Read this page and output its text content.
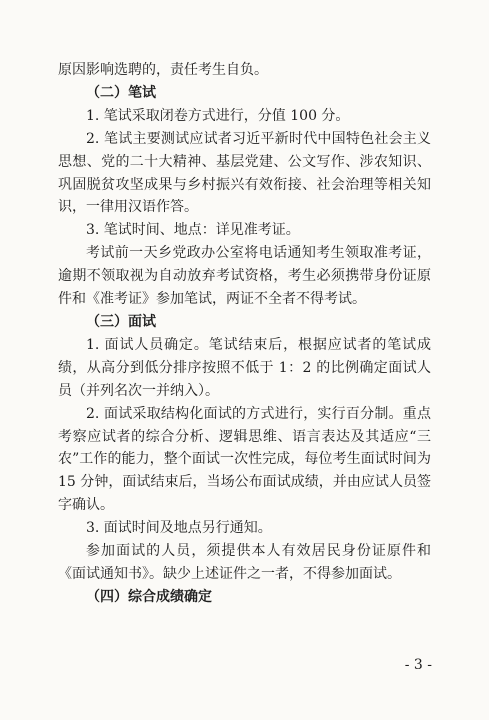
原因影响选聘的，责任考生自负。

（二）笔试

1. 笔试采取闭卷方式进行，分值 100 分。

2. 笔试主要测试应试者习近平新时代中国特色社会主义思想、党的二十大精神、基层党建、公文写作、涉农知识、巩固脱贫攻坚成果与乡村振兴有效衔接、社会治理等相关知识，一律用汉语作答。

3. 笔试时间、地点：详见准考证。

考试前一天乡党政办公室将电话通知考生领取准考证，逾期不领取视为自动放弃考试资格，考生必须携带身份证原件和《准考证》参加笔试，两证不全者不得考试。

（三）面试

1. 面试人员确定。笔试结束后，根据应试者的笔试成绩，从高分到低分排序按照不低于 1：2 的比例确定面试人员（并列名次一并纳入）。

2. 面试采取结构化面试的方式进行，实行百分制。重点考察应试者的综合分析、逻辑思维、语言表达及其适应“三农”工作的能力，整个面试一次性完成，每位考生面试时间为 15 分钟，面试结束后，当场公布面试成绩，并由应试人员签字确认。

3. 面试时间及地点另行通知。

参加面试的人员，须提供本人有效居民身份证原件和《面试通知书》。缺少上述证件之一者，不得参加面试。

（四）综合成绩确定

- 3 -
